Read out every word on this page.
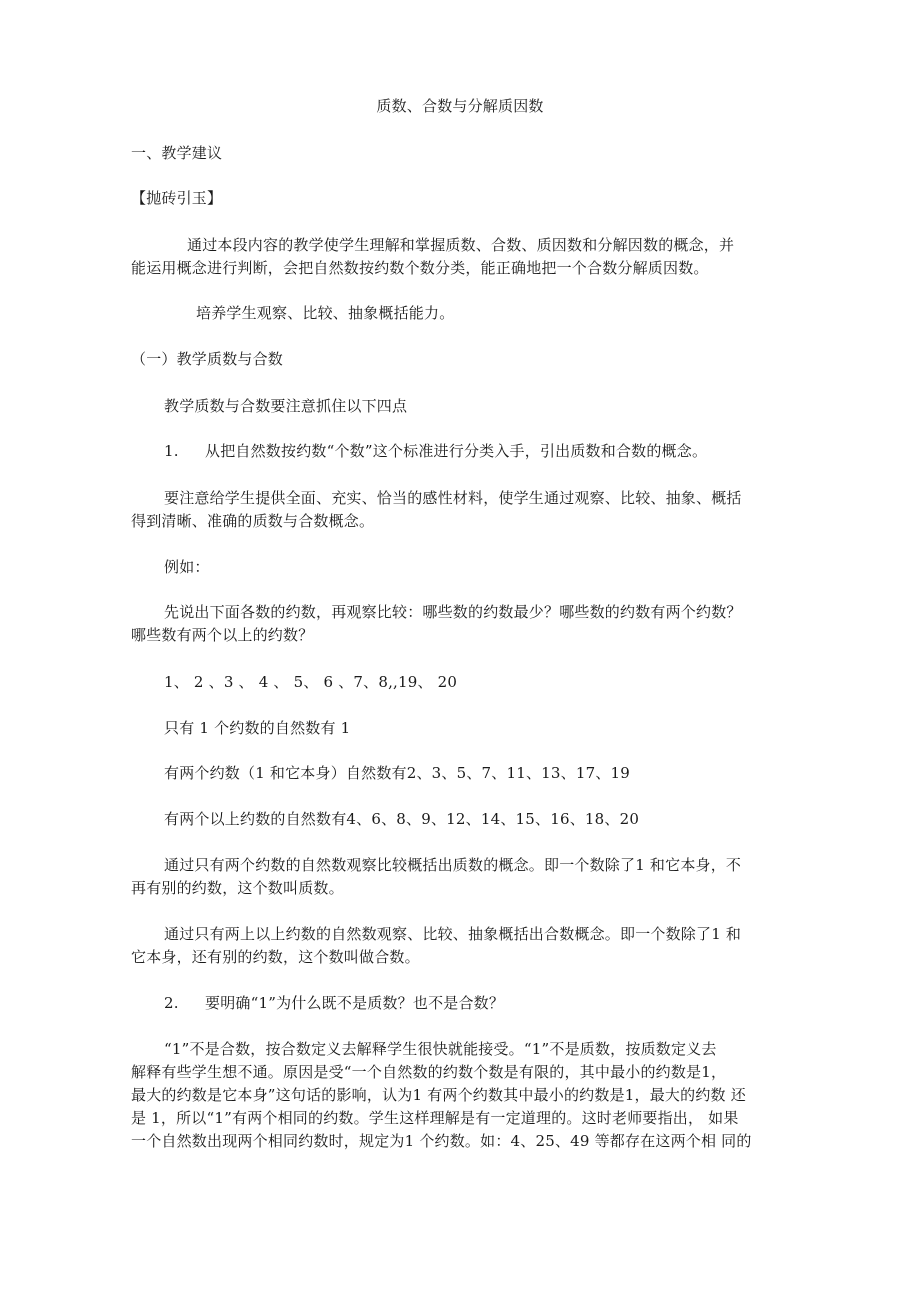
质数、合数与分解质因数
一、教学建议
【抛砖引玉】
通过本段内容的教学使学生理解和掌握质数、合数、质因数和分解因数的概念，并
能运用概念进行判断，会把自然数按约数个数分类，能正确地把一个合数分解质因数。
培养学生观察、比较、抽象概括能力。
（一）教学质数与合数
教学质数与合数要注意抓住以下四点
1. 从把自然数按约数“个数”这个标准进行分类入手，引出质数和合数的概念。
要注意给学生提供全面、充实、恰当的感性材料，使学生通过观察、比较、抽象、概括
得到清晰、准确的质数与合数概念。
例如：
先说出下面各数的约数，再观察比较：哪些数的约数最少？哪些数的约数有两个约数？
哪些数有两个以上的约数？
1、 2 、3 、 4 、 5、 6 、7、8,,19、 20
只有 1 个约数的自然数有 1
有两个约数（1 和它本身）自然数有2、3、5、7、11、13、17、19
有两个以上约数的自然数有4、6、8、9、12、14、15、16、18、20
通过只有两个约数的自然数观察比较概括出质数的概念。即一个数除了1 和它本身，不
再有别的约数，这个数叫质数。
通过只有两上以上约数的自然数观察、比较、抽象概括出合数概念。即一个数除了1 和
它本身，还有别的约数，这个数叫做合数。
2. 要明确“1”为什么既不是质数？也不是合数？
“1”不是合数，按合数定义去解释学生很快就能接受。“1”不是质数，按质数定义去
解释有些学生想不通。原因是受“一个自然数的约数个数是有限的，其中最小的约数是1，
最大的约数是它本身”这句话的影响，认为1 有两个约数其中最小的约数是1，最大的约数 还
是 1，所以“1”有两个相同的约数。学生这样理解是有一定道理的。这时老师要指出， 如果
一个自然数出现两个相同约数时，规定为1 个约数。如：4、25、49 等都存在这两个相 同的
